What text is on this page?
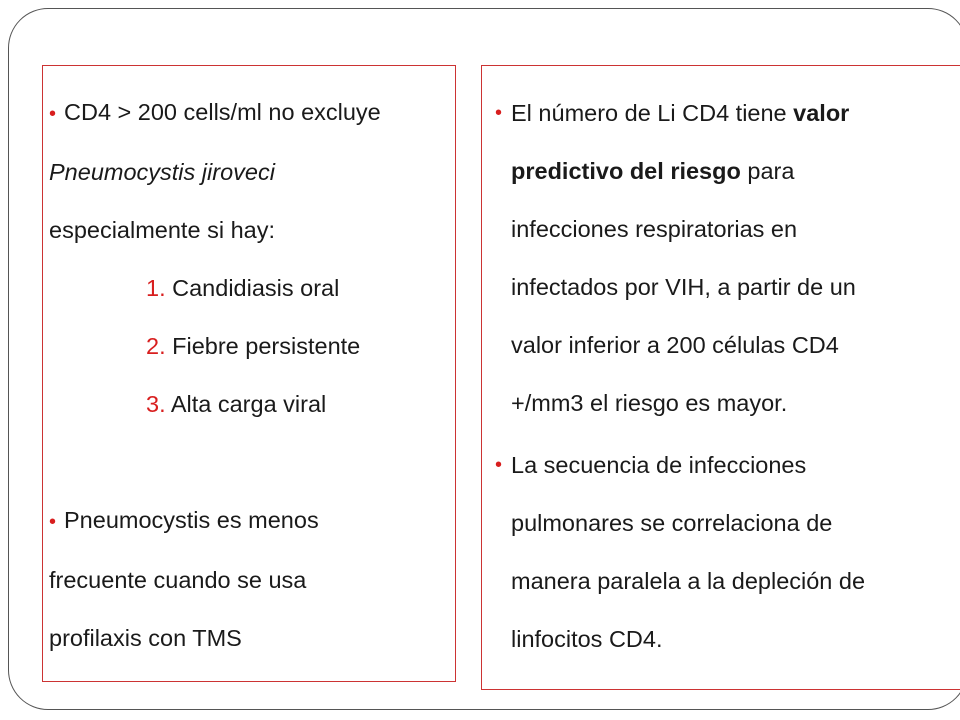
• CD4 > 200 cells/ml no excluye
Pneumocystis jiroveci
especialmente si hay:
1. Candidiasis oral
2. Fiebre persistente
3. Alta carga viral
• Pneumocystis es menos
frecuente cuando se usa
profilaxis con TMS
• El número de Li CD4 tiene valor
predictivo del riesgo para
infecciones respiratorias en
infectados por VIH, a partir de un
valor inferior a 200 células CD4
+/mm3 el riesgo es mayor.
• La secuencia de infecciones
pulmonares se correlaciona de
manera paralela a la depleción de
linfocitos CD4.
